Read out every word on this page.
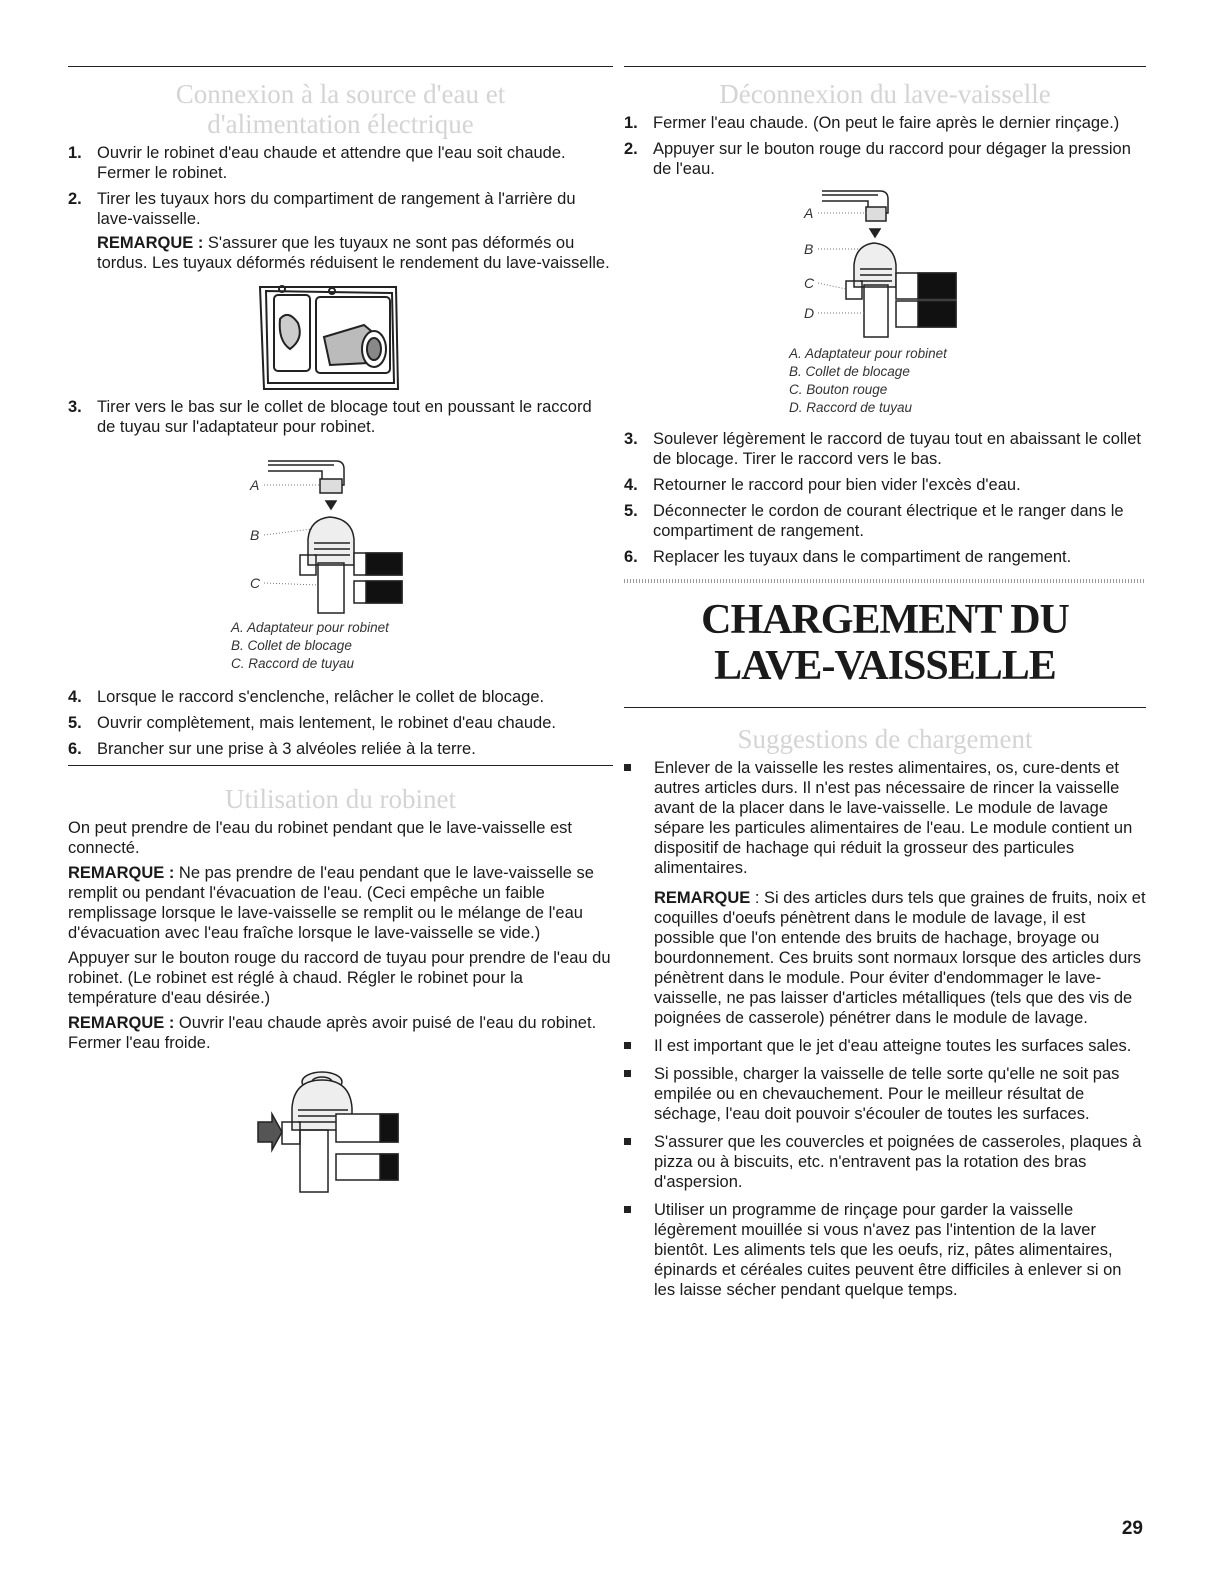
Connexion à la source d'eau et
d'alimentation électrique
1. Ouvrir le robinet d'eau chaude et attendre que l'eau soit chaude. Fermer le robinet.
2. Tirer les tuyaux hors du compartiment de rangement à l'arrière du lave-vaisselle.
REMARQUE : S'assurer que les tuyaux ne sont pas déformés ou tordus. Les tuyaux déformés réduisent le rendement du lave-vaisselle.
3. Tirer vers le bas sur le collet de blocage tout en poussant le raccord de tuyau sur l'adaptateur pour robinet.
A
B
C
A. Adaptateur pour robinet
B. Collet de blocage
C. Raccord de tuyau
4. Lorsque le raccord s'enclenche, relâcher le collet de blocage.
5. Ouvrir complètement, mais lentement, le robinet d'eau chaude.
6. Brancher sur une prise à 3 alvéoles reliée à la terre.
Utilisation du robinet

On peut prendre de l'eau du robinet pendant que le lave-vaisselle est connecté.

REMARQUE : Ne pas prendre de l'eau pendant que le lave-vaisselle se remplit ou pendant l'évacuation de l'eau. (Ceci empêche un faible remplissage lorsque le lave-vaisselle se remplit ou le mélange de l'eau d'évacuation avec l'eau fraîche lorsque le lave-vaisselle se vide.)

Appuyer sur le bouton rouge du raccord de tuyau pour prendre de l'eau du robinet. (Le robinet est réglé à chaud. Régler le robinet pour la température d'eau désirée.)

REMARQUE : Ouvrir l'eau chaude après avoir puisé de l'eau du robinet. Fermer l'eau froide.

Déconnexion du lave-vaisselle
1. Fermer l'eau chaude. (On peut le faire après le dernier rinçage.)
2. Appuyer sur le bouton rouge du raccord pour dégager la pression de l'eau.
A
B
C
D
A. Adaptateur pour robinet
B. Collet de blocage
C. Bouton rouge
D. Raccord de tuyau
3. Soulever légèrement le raccord de tuyau tout en abaissant le collet de blocage. Tirer le raccord vers le bas.
4. Retourner le raccord pour bien vider l'excès d'eau.
5. Déconnecter le cordon de courant électrique et le ranger dans le compartiment de rangement.
6. Replacer les tuyaux dans le compartiment de rangement.
CHARGEMENT DU
LAVE-VAISSELLE
Suggestions de chargement
Enlever de la vaisselle les restes alimentaires, os, cure-dents et autres articles durs. Il n'est pas nécessaire de rincer la vaisselle avant de la placer dans le lave-vaisselle. Le module de lavage sépare les particules alimentaires de l'eau. Le module contient un dispositif de hachage qui réduit la grosseur des particules alimentaires.
REMARQUE : Si des articles durs tels que graines de fruits, noix et coquilles d'oeufs pénètrent dans le module de lavage, il est possible que l'on entende des bruits de hachage, broyage ou bourdonnement. Ces bruits sont normaux lorsque des articles durs pénètrent dans le module. Pour éviter d'endommager le lave-vaisselle, ne pas laisser d'articles métalliques (tels que des vis de poignées de casserole) pénétrer dans le module de lavage.
Il est important que le jet d'eau atteigne toutes les surfaces sales.
Si possible, charger la vaisselle de telle sorte qu'elle ne soit pas empilée ou en chevauchement. Pour le meilleur résultat de séchage, l'eau doit pouvoir s'écouler de toutes les surfaces.
S'assurer que les couvercles et poignées de casseroles, plaques à pizza ou à biscuits, etc. n'entravent pas la rotation des bras d'aspersion.
Utiliser un programme de rinçage pour garder la vaisselle légèrement mouillée si vous n'avez pas l'intention de la laver bientôt. Les aliments tels que les oeufs, riz, pâtes alimentaires, épinards et céréales cuites peuvent être difficiles à enlever si on les laisse sécher pendant quelque temps.
29
